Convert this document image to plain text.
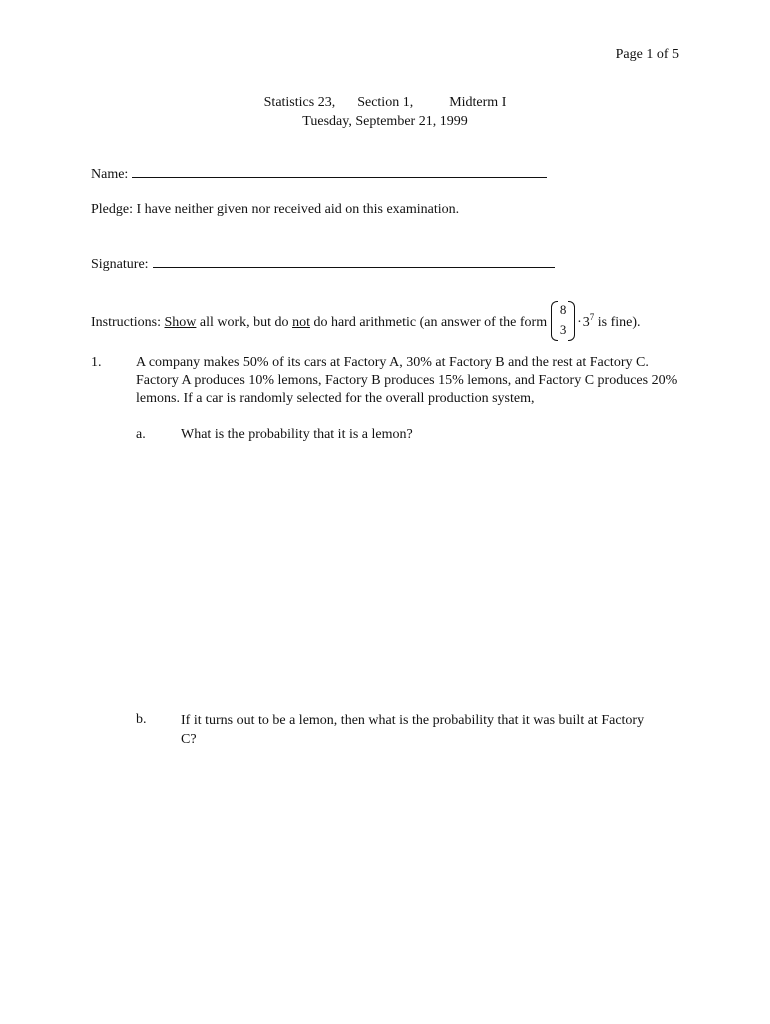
Page 1 of 5
Statistics 23, Section 1,	Midterm I
Tuesday, September 21, 1999
Name:
Pledge: I have neither given nor received aid on this examination.
Signature:
Instructions: Show all work, but do not do hard arithmetic (an answer of the form
8
$3 \cdot 3^7$ is fine).
1. A company makes 50% of its cars at Factory A, 30% at Factory B and the rest at Factory C. Factory A produces 10% lemons, Factory B produces 15% lemons, and Factory C produces 20% lemons. If a car is randomly selected for the overall production system,
a.	What is the probability that it is a lemon?
b. If it turns out to be a lemon, then what is the probability that it was built at Factory C?
